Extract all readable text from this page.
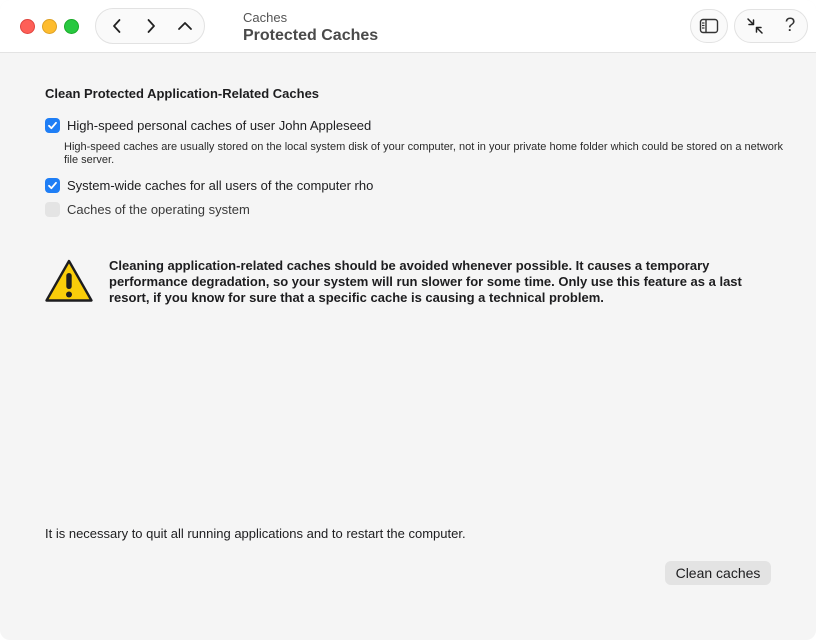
Caches
Protected Caches	?
Clean Protected Application-Related Caches
High-speed personal caches of user John Appleseed
High-speed caches are usually stored on the local system disk of your computer, not in your private home folder which could be stored on a network file server.
System-wide caches for all users of the computer rho
Caches of the operating system
Cleaning application-related caches should be avoided whenever possible. It causes a temporary performance degradation, so your system will run slower for some time. Only use this feature as a last resort, if you know for sure that a specific cache is causing a technical problem.
It is necessary to quit all running applications and to restart the computer.
Clean caches
